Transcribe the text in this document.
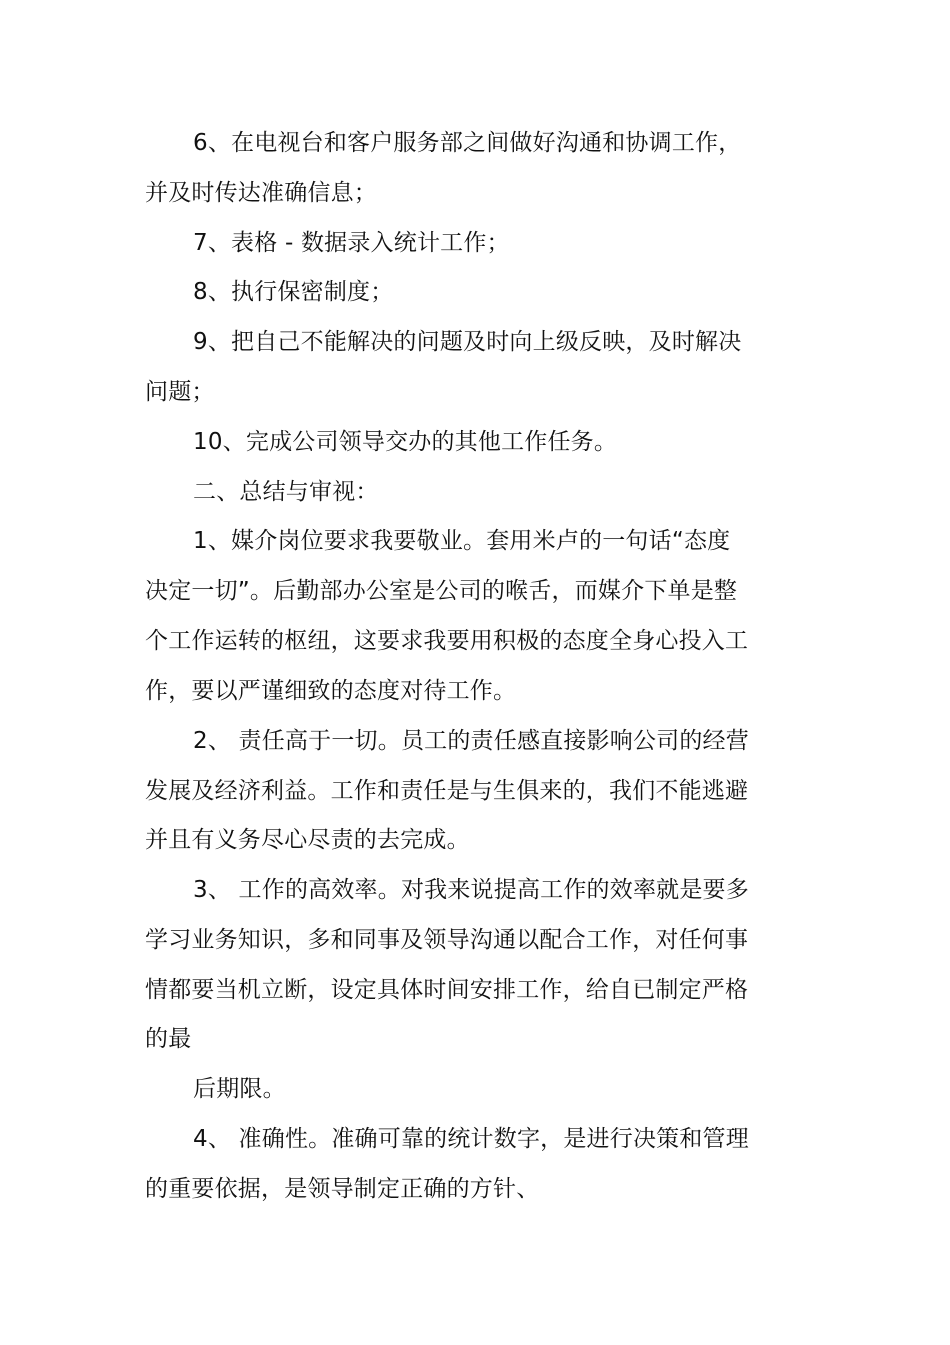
6、在电视台和客户服务部之间做好沟通和协调工作，
并及时传达准确信息；
7、表格 - 数据录入统计工作；
8、执行保密制度；
9、把自己不能解决的问题及时向上级反映，及时解决
问题；
10、完成公司领导交办的其他工作任务。
二、总结与审视：
1、媒介岗位要求我要敬业。套用米卢的一句话“态度
决定一切”。后勤部办公室是公司的喉舌，而媒介下单是整
个工作运转的枢纽，这要求我要用积极的态度全身心投入工
作，要以严谨细致的态度对待工作。
2、 责任高于一切。员工的责任感直接影响公司的经营
发展及经济利益。工作和责任是与生俱来的，我们不能逃避
并且有义务尽心尽责的去完成。
3、 工作的高效率。对我来说提高工作的效率就是要多
学习业务知识，多和同事及领导沟通以配合工作，对任何事
情都要当机立断，设定具体时间安排工作，给自已制定严格
的最
后期限。
4、 准确性。准确可靠的统计数字，是进行决策和管理
的重要依据，是领导制定正确的方针、
